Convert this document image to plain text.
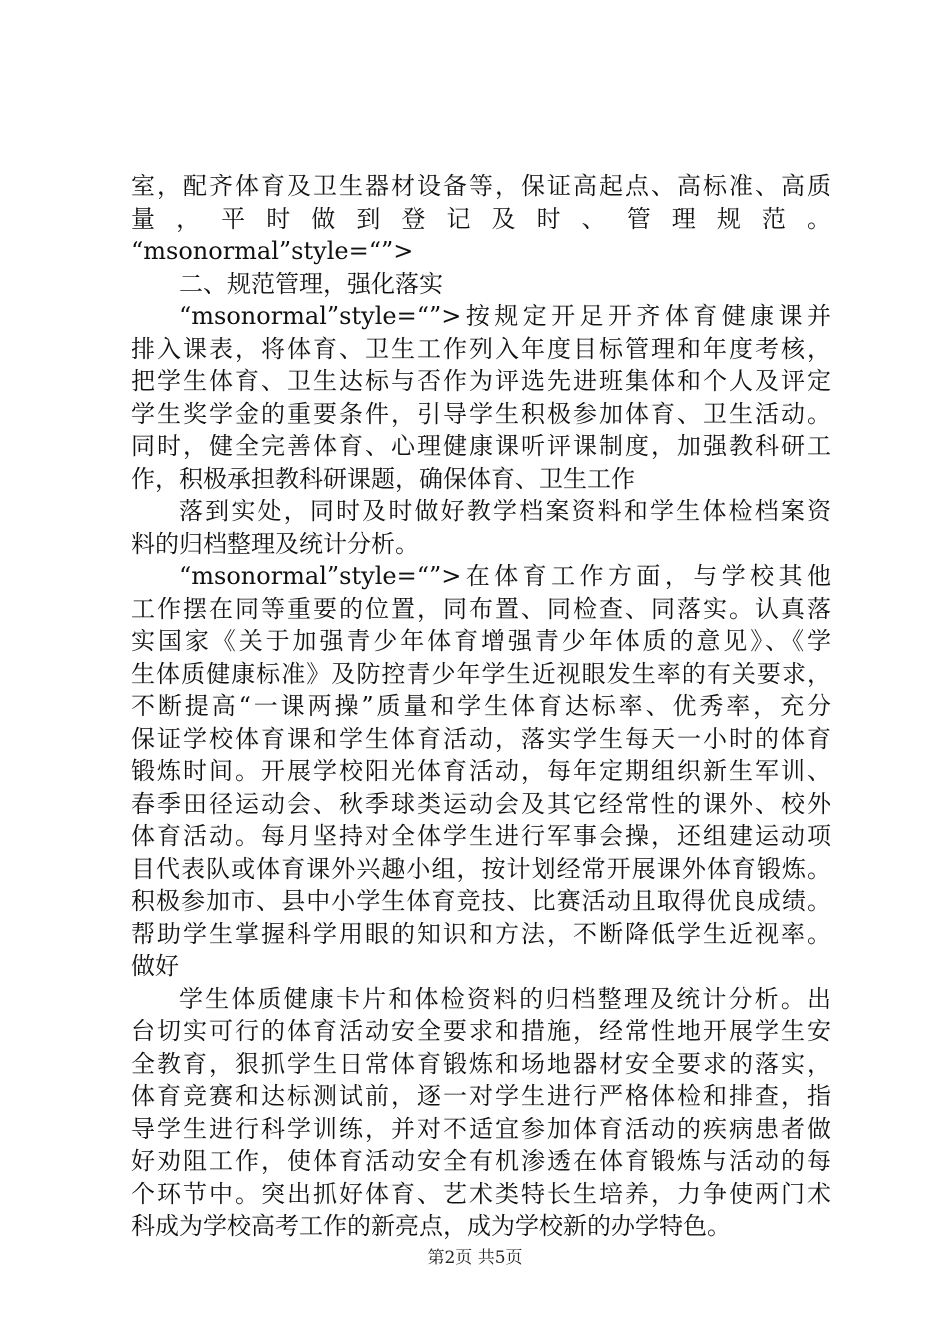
室，配齐体育及卫生器材设备等，保证高起点、高标准、高质
量，平时做到登记及时、管理规范。
“msonormal”style=“”>
二、规范管理，强化落实
“msonormal”style=“”>按规定开足开齐体育健康课并
排入课表，将体育、卫生工作列入年度目标管理和年度考核，
把学生体育、卫生达标与否作为评选先进班集体和个人及评定
学生奖学金的重要条件，引导学生积极参加体育、卫生活动。
同时，健全完善体育、心理健康课听评课制度，加强教科研工
作，积极承担教科研课题，确保体育、卫生工作
落到实处，同时及时做好教学档案资料和学生体检档案资
料的归档整理及统计分析。
“msonormal”style=“”>在体育工作方面，与学校其他
工作摆在同等重要的位置，同布置、同检查、同落实。认真落
实国家《关于加强青少年体育增强青少年体质的意见》、《学
生体质健康标准》及防控青少年学生近视眼发生率的有关要求，
不断提高“一课两操”质量和学生体育达标率、优秀率，充分
保证学校体育课和学生体育活动，落实学生每天一小时的体育
锻炼时间。开展学校阳光体育活动，每年定期组织新生军训、
春季田径运动会、秋季球类运动会及其它经常性的课外、校外
体育活动。每月坚持对全体学生进行军事会操，还组建运动项
目代表队或体育课外兴趣小组，按计划经常开展课外体育锻炼。
积极参加市、县中小学生体育竞技、比赛活动且取得优良成绩。
帮助学生掌握科学用眼的知识和方法，不断降低学生近视率。
做好
学生体质健康卡片和体检资料的归档整理及统计分析。出
台切实可行的体育活动安全要求和措施，经常性地开展学生安
全教育，狠抓学生日常体育锻炼和场地器材安全要求的落实，
体育竞赛和达标测试前，逐一对学生进行严格体检和排查，指
导学生进行科学训练，并对不适宜参加体育活动的疾病患者做
好劝阻工作，使体育活动安全有机渗透在体育锻炼与活动的每
个环节中。突出抓好体育、艺术类特长生培养，力争使两门术
科成为学校高考工作的新亮点，成为学校新的办学特色。
第2页 共5页
